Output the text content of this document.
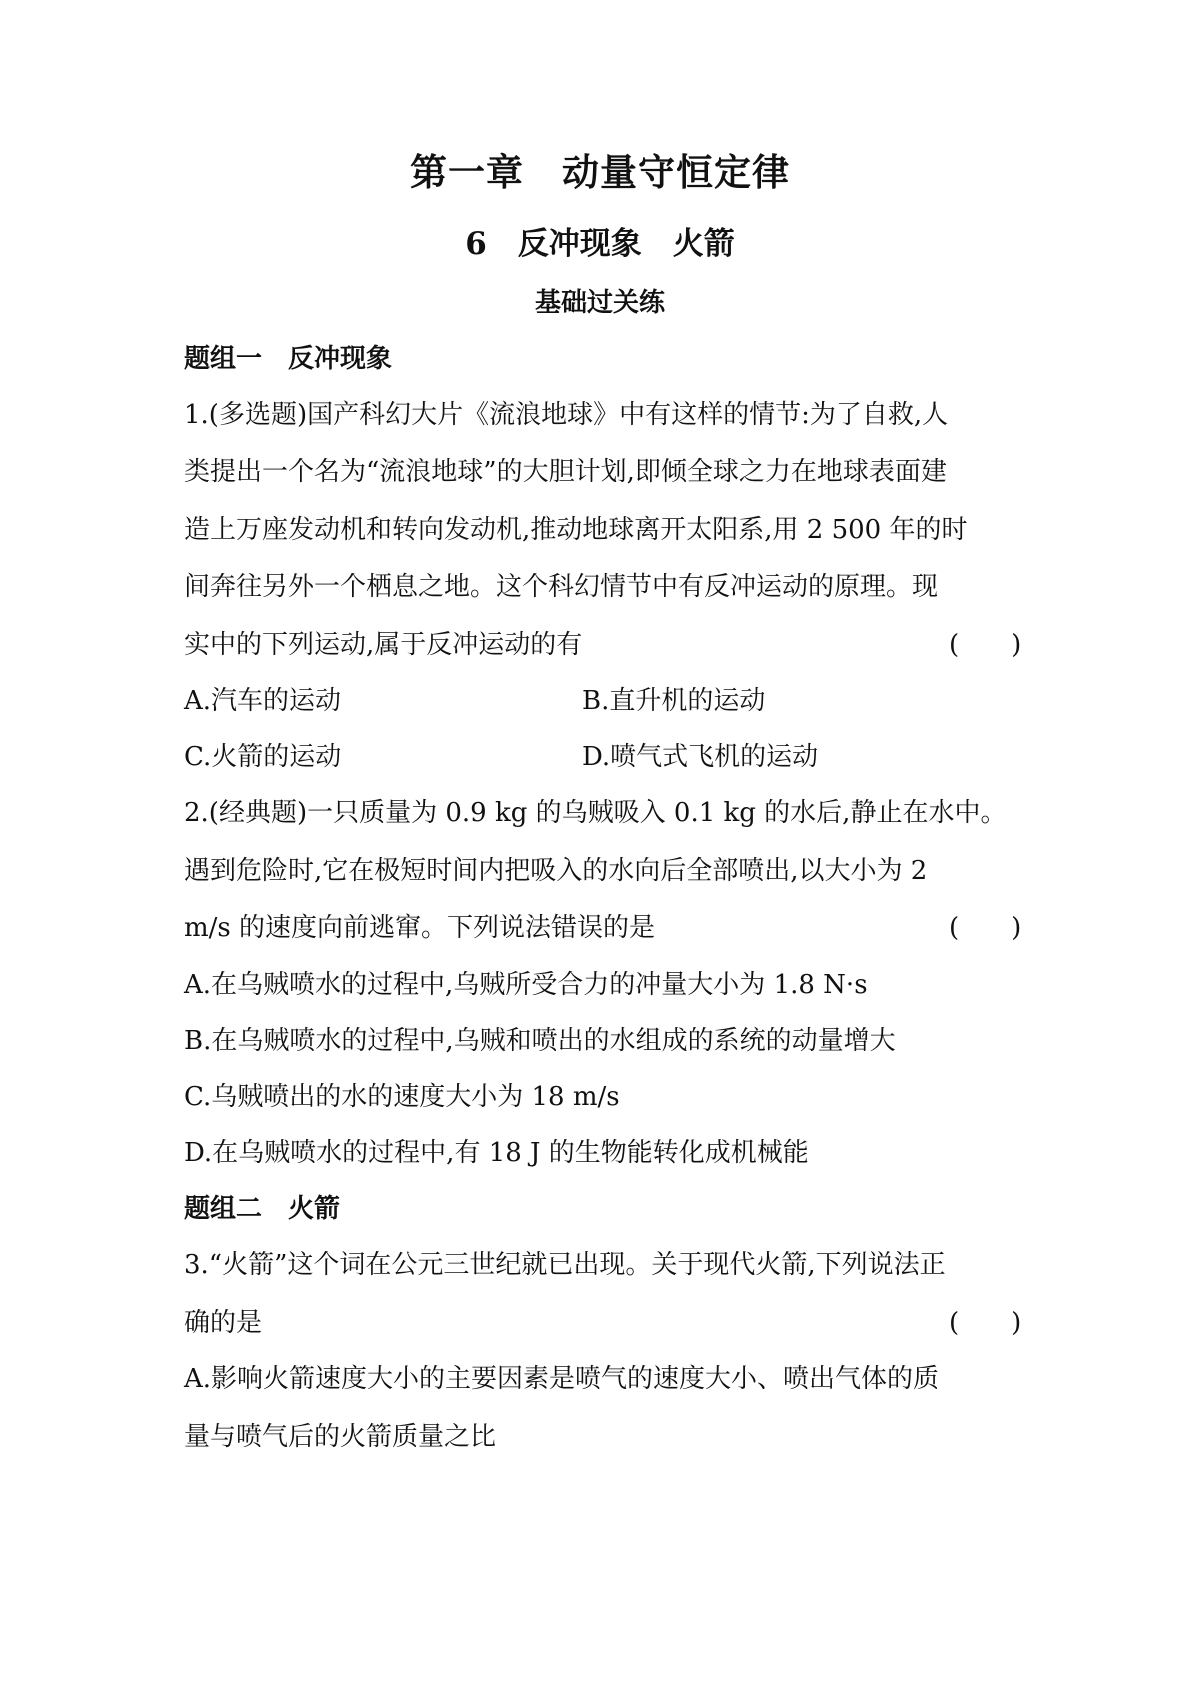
第一章　动量守恒定律
6　反冲现象　火箭
基础过关练
题组一　反冲现象
1.(多选题)国产科幻大片《流浪地球》中有这样的情节:为了自救,人
类提出一个名为“流浪地球”的大胆计划,即倾全球之力在地球表面建
造上万座发动机和转向发动机,推动地球离开太阳系,用 2 500 年的时
间奔往另外一个栖息之地。这个科幻情节中有反冲运动的原理。现
实中的下列运动,属于反冲运动的有	(　　)
A.汽车的运动	B.直升机的运动
C.火箭的运动	D.喷气式飞机的运动
2.(经典题)一只质量为 0.9 kg 的乌贼吸入 0.1 kg 的水后,静止在水中。
遇到危险时,它在极短时间内把吸入的水向后全部喷出,以大小为 2
m/s 的速度向前逃窜。下列说法错误的是	(　　)
A.在乌贼喷水的过程中,乌贼所受合力的冲量大小为 1.8 N·s
B.在乌贼喷水的过程中,乌贼和喷出的水组成的系统的动量增大
C.乌贼喷出的水的速度大小为 18 m/s
D.在乌贼喷水的过程中,有 18 J 的生物能转化成机械能
题组二　火箭
3.“火箭”这个词在公元三世纪就已出现。关于现代火箭,下列说法正
确的是	(　　)
A.影响火箭速度大小的主要因素是喷气的速度大小、喷出气体的质
量与喷气后的火箭质量之比
